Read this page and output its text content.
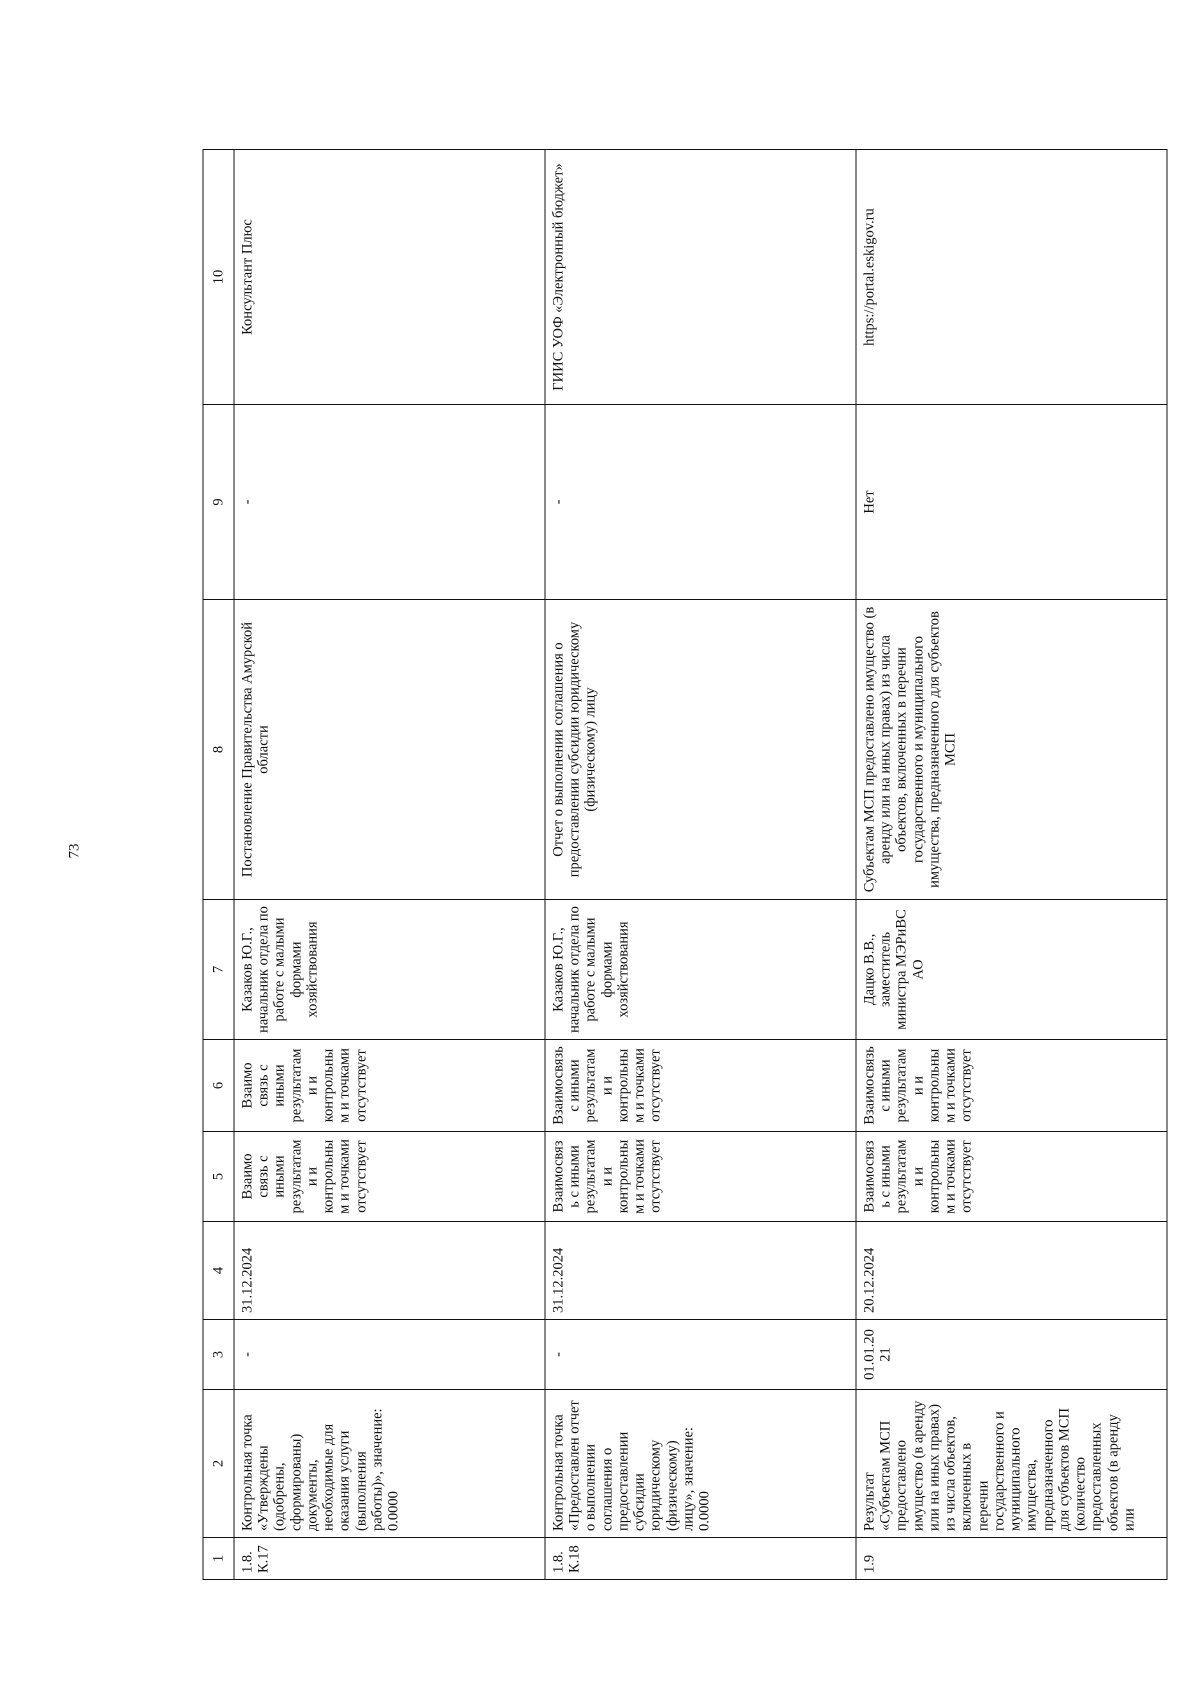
73
1	2	3	4	5	6	7	8	9	10
1.8. К.17	Контрольная точка «Утверждены (одобрены, сформированы) документы, необходимые для оказания услуги (выполнения работы)», значение: 0.0000	-	31.12.2024	Взаимо связь с иными результатами и контрольным и точками отсутствует	Взаимо связь с иными результатами и контрольным и точками отсутствует	Казаков Ю.Г., начальник отдела по работе с малыми формами хозяйствования	Постановление Правительства Амурской области	-	Консультант Плюс
1.8. К.18	Контрольная точка «Предоставлен отчет о выполнении соглашения о предоставлении субсидии юридическому (физическому) лицу», значение: 0.0000	-	31.12.2024	Взаимосвязь с иными результатами и контрольным и точками отсутствует	Взаимосвязь с иными результатами и контрольным и точками отсутствует	Казаков Ю.Г., начальник отдела по работе с малыми формами хозяйствования	Отчет о выполнении соглашения о предоставлении субсидии юридическому (физическому) лицу	-	ГИИС УОФ «Электронный бюджет»
1.9	Результат «Субъектам МСП предоставлено имущество (в аренду или на иных правах) из числа объектов, включенных в перечни государственного и муниципального имущества, предназначенного для субъектов МСП (количество предоставленных объектов (в аренду или	01.01.2021	20.12.2024	Взаимосвязь с иными результатами и контрольным и точками отсутствует	Взаимосвязь с иными результатами и контрольным и точками отсутствует	Дацко В.В., заместитель министра МЭРиВС АО	Субъектам МСП предоставлено имущество (в аренду или на иных правах) из числа объектов, включенных в перечни государственного и муниципального имущества, предназначенного для субъектов МСП	Нет	https://portal.eskigov.ru
